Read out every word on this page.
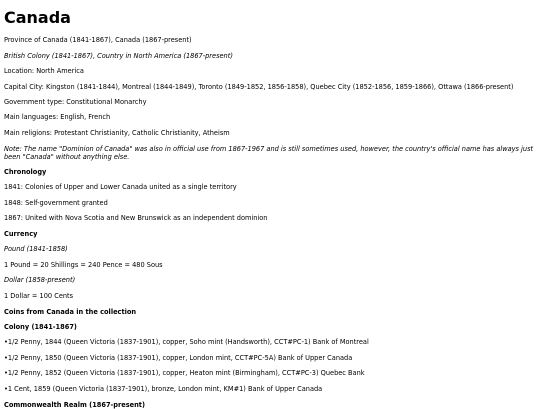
Canada

Province of Canada (1841-1867), Canada (1867-present)

British Colony (1841-1867), Country in North America (1867-present)

Location: North America

Capital City: Kingston (1841-1844), Montreal (1844-1849), Toronto (1849-1852, 1856-1858), Quebec City (1852-1856, 1859-1866), Ottawa (1866-present)

Government type: Constitutional Monarchy

Main languages: English, French

Main religions: Protestant Christianity, Catholic Christianity, Atheism

Note: The name "Dominion of Canada" was also in official use from 1867-1967 and is still sometimes used, however, the country's official name has always just been "Canada" without anything else.

Chronology

1841: Colonies of Upper and Lower Canada united as a single territory

1848: Self-government granted

1867: United with Nova Scotia and New Brunswick as an independent dominion

Currency

Pound (1841-1858)

1 Pound = 20 Shillings = 240 Pence = 480 Sous

Dollar (1858-present)

1 Dollar = 100 Cents

Coins from Canada in the collection

Colony (1841-1867)

•1/2 Penny, 1844 (Queen Victoria (1837-1901), copper, Soho mint (Handsworth), CCT#PC-1) Bank of Montreal

•1/2 Penny, 1850 (Queen Victoria (1837-1901), copper, London mint, CCT#PC-5A) Bank of Upper Canada

•1/2 Penny, 1852 (Queen Victoria (1837-1901), copper, Heaton mint (Birmingham), CCT#PC-3) Quebec Bank

•1 Cent, 1859 (Queen Victoria (1837-1901), bronze, London mint, KM#1) Bank of Upper Canada

Commonwealth Realm (1867-present)
